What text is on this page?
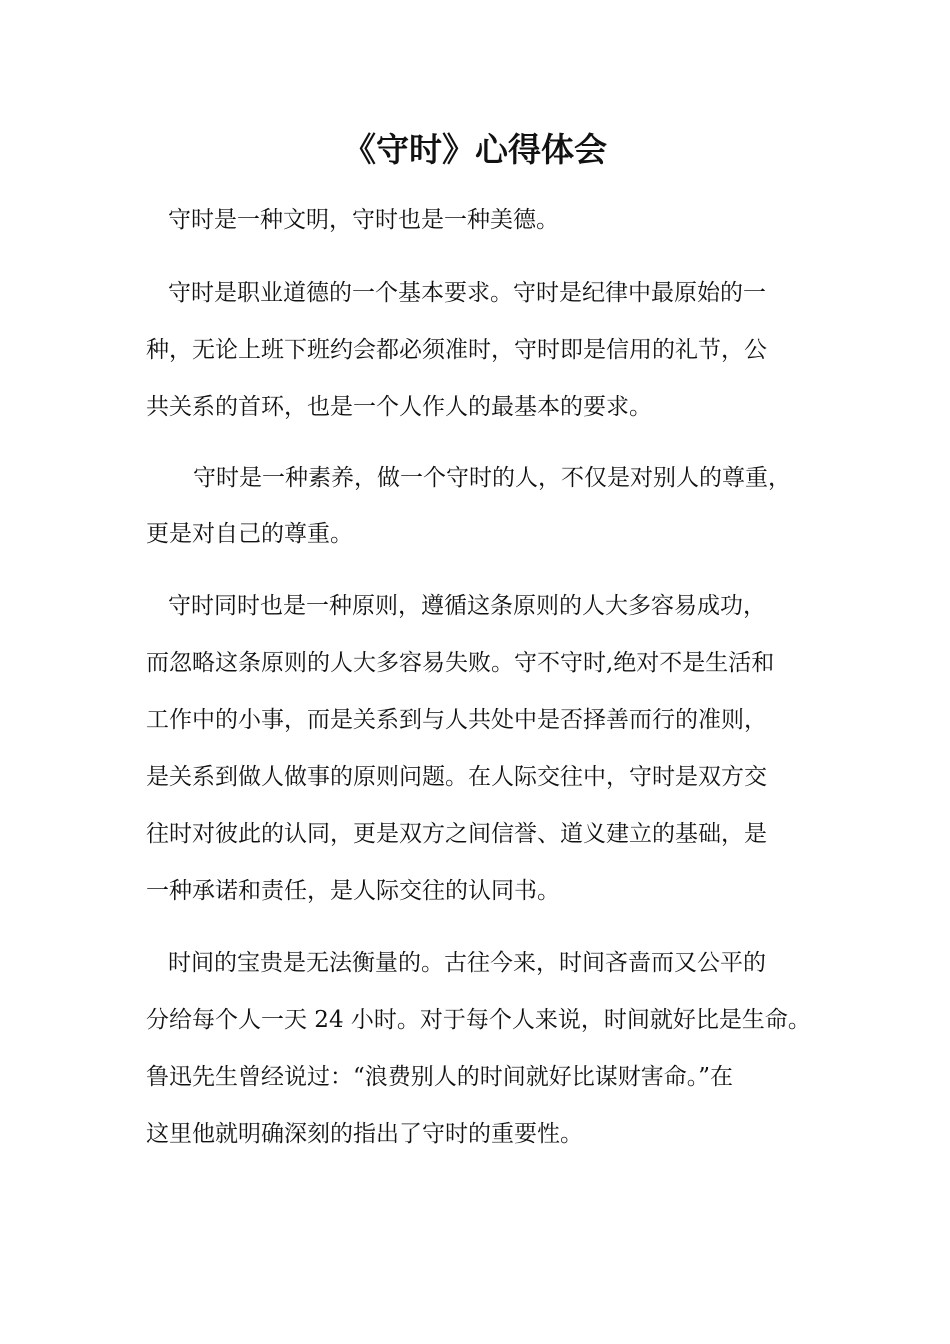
《守时》心得体会

守时是一种文明，守时也是一种美德。

守时是职业道德的一个基本要求。守时是纪律中最原始的一

种，无论上班下班约会都必须准时，守时即是信用的礼节，公

共关系的首环，也是一个人作人的最基本的要求。

守时是一种素养，做一个守时的人，不仅是对别人的尊重，

更是对自己的尊重。

守时同时也是一种原则，遵循这条原则的人大多容易成功，

而忽略这条原则的人大多容易失败。守不守时,绝对不是生活和

工作中的小事，而是关系到与人共处中是否择善而行的准则，

是关系到做人做事的原则问题。在人际交往中，守时是双方交

往时对彼此的认同，更是双方之间信誉、道义建立的基础，是

一种承诺和责任，是人际交往的认同书。

时间的宝贵是无法衡量的。古往今来，时间吝啬而又公平的

分给每个人一天 24 小时。对于每个人来说，时间就好比是生命。

鲁迅先生曾经说过：“浪费别人的时间就好比谋财害命。”在

这里他就明确深刻的指出了守时的重要性。
